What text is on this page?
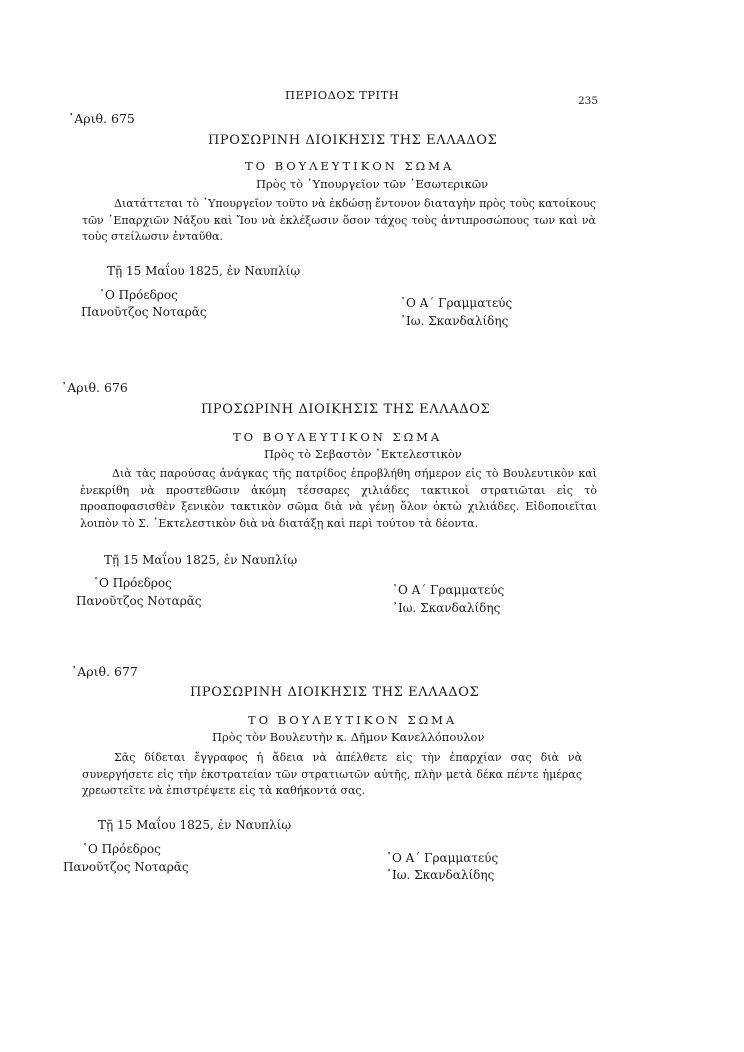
ΠΕΡΙΟΔΟΣ ΤΡΙΤΗ	235
᾿Αριθ. 675
ΠΡΟΣΩΡΙΝΗ ΔΙΟΙΚΗΣΙΣ ΤΗΣ ΕΛΛΑΔΟΣ
ΤΟ ΒΟΥΛΕΥΤΙΚΟΝ ΣΩΜΑ
Πρὸς τὸ ῾Υπουργεῖον τῶν ᾿Εσωτερικῶν

Διατάττεται τὸ ῾Υπουργεῖον τοῦτο νὰ ἐκδώσῃ ἔντονον διαταγὴν πρὸς τοὺς κατοίκους τῶν ᾿Επαρχιῶν Νάξου καὶ Ἴου νὰ ἐκλέξωσιν ὅσον τάχος τοὺς ἀντιπροσώπους των καὶ νὰ τοὺς στείλωσιν ἐνταῦθα.

Τῇ 15 Μαΐου 1825, ἐν Ναυπλίῳ
῾Ο Πρόεδρος
Πανοῦτζος Νοταρᾶς
῾Ο Α΄ Γραμματεύς
᾿Ιω. Σκανδαλίδης
᾿Αριθ. 676
ΠΡΟΣΩΡΙΝΗ ΔΙΟΙΚΗΣΙΣ ΤΗΣ ΕΛΛΑΔΟΣ
ΤΟ ΒΟΥΛΕΥΤΙΚΟΝ ΣΩΜΑ
Πρὸς τὸ Σεβαστὸν ᾿Εκτελεστικὸν

Διὰ τὰς παρούσας ἀνάγκας τῆς πατρίδος ἐπροβλήθη σήμερον εἰς τὸ Βουλευτικὸν καὶ ἐνεκρίθη νὰ προστεθῶσιν ἀκόμη τέσσαρες χιλιάδες τακτικοὶ στρατιῶται εἰς τὸ προαποφασισθὲν ξενικὸν τακτικὸν σῶμα διὰ νὰ γένῃ ὅλον ὀκτὼ χιλιάδες. Εἰδοποιεῖται λοιπὸν τὸ Σ. ᾿Εκτελεστικὸν διὰ νὰ διατάξῃ καὶ περὶ τούτου τὰ δέοντα.

Τῇ 15 Μαΐου 1825, ἐν Ναυπλίῳ
῾Ο Πρόεδρος
Πανοῦτζος Νοταρᾶς
῾Ο Α΄ Γραμματεύς
᾿Ιω. Σκανδαλίδης
᾿Αριθ. 677
ΠΡΟΣΩΡΙΝΗ ΔΙΟΙΚΗΣΙΣ ΤΗΣ ΕΛΛΑΔΟΣ
ΤΟ ΒΟΥΛΕΥΤΙΚΟΝ ΣΩΜΑ
Πρὸς τὸν Βουλευτὴν κ. Δῆμον Κανελλόπουλον

Σᾶς δίδεται ἔγγραφος ἡ ἄδεια νὰ ἀπέλθετε εἰς τὴν ἐπαρχίαν σας διὰ νὰ συνεργήσετε εἰς τὴν ἐκστρατείαν τῶν στρατιωτῶν αὐτῆς, πλὴν μετὰ δέκα πέντε ἡμέρας χρεωστεῖτε νὰ ἐπιστρέψετε εἰς τὰ καθήκοντά σας.

Τῇ 15 Μαΐου 1825, ἐν Ναυπλίῳ
῾Ο Πρόεδρος
Πανοῦτζος Νοταρᾶς
῾Ο Α΄ Γραμματεύς
᾿Ιω. Σκανδαλίδης
